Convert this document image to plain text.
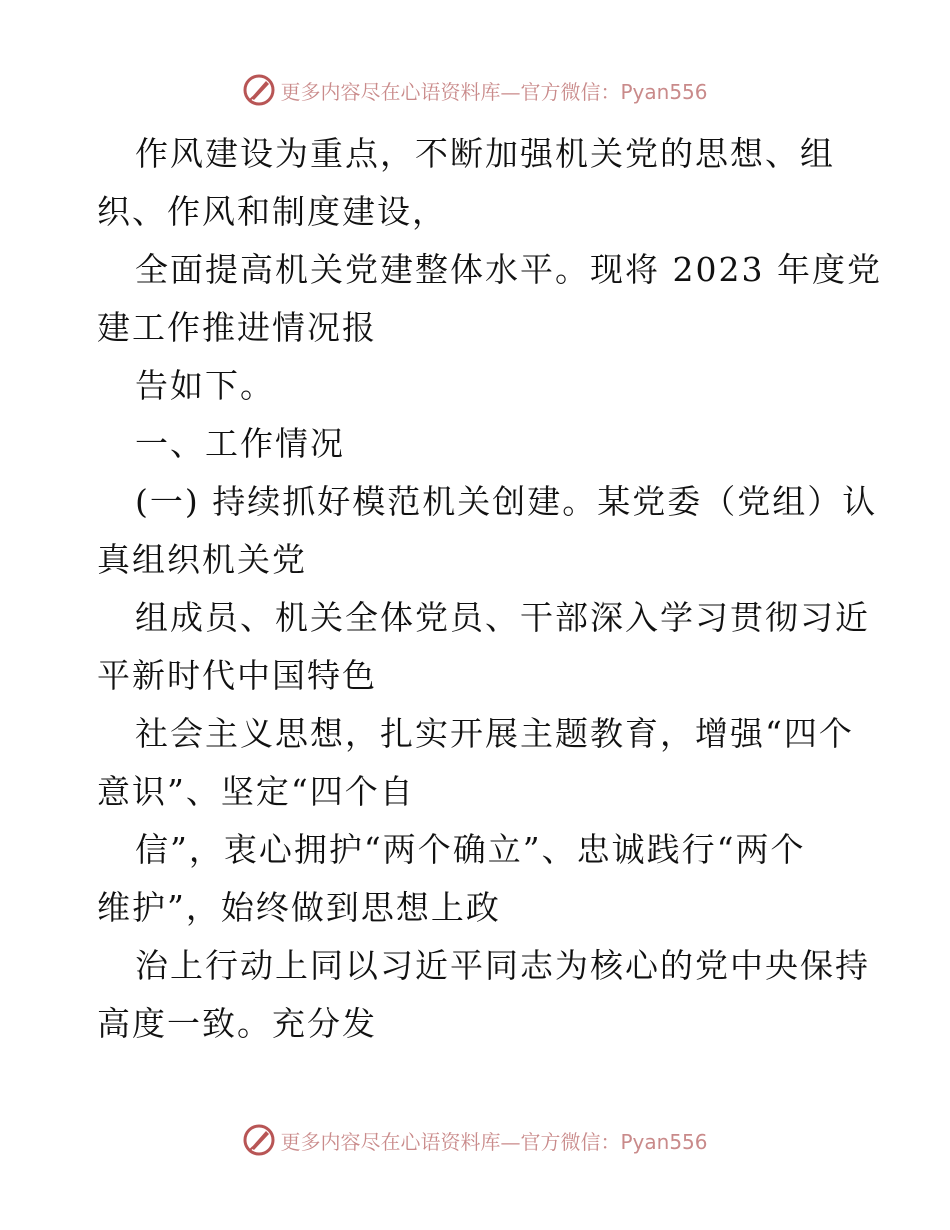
更多内容尽在心语资料库—官方微信：Pyan556
作风建设为重点，不断加强机关党的思想、组
织、作风和制度建设，
全面提高机关党建整体水平。现将 2023 年度党
建工作推进情况报
告如下。
一、工作情况
(一) 持续抓好模范机关创建。某党委（党组）认
真组织机关党
组成员、机关全体党员、干部深入学习贯彻习近
平新时代中国特色
社会主义思想，扎实开展主题教育，增强“四个
意识”、坚定“四个自
信”，衷心拥护“两个确立”、忠诚践行“两个
维护”，始终做到思想上政
治上行动上同以习近平同志为核心的党中央保持
高度一致。充分发
更多内容尽在心语资料库—官方微信：Pyan556
